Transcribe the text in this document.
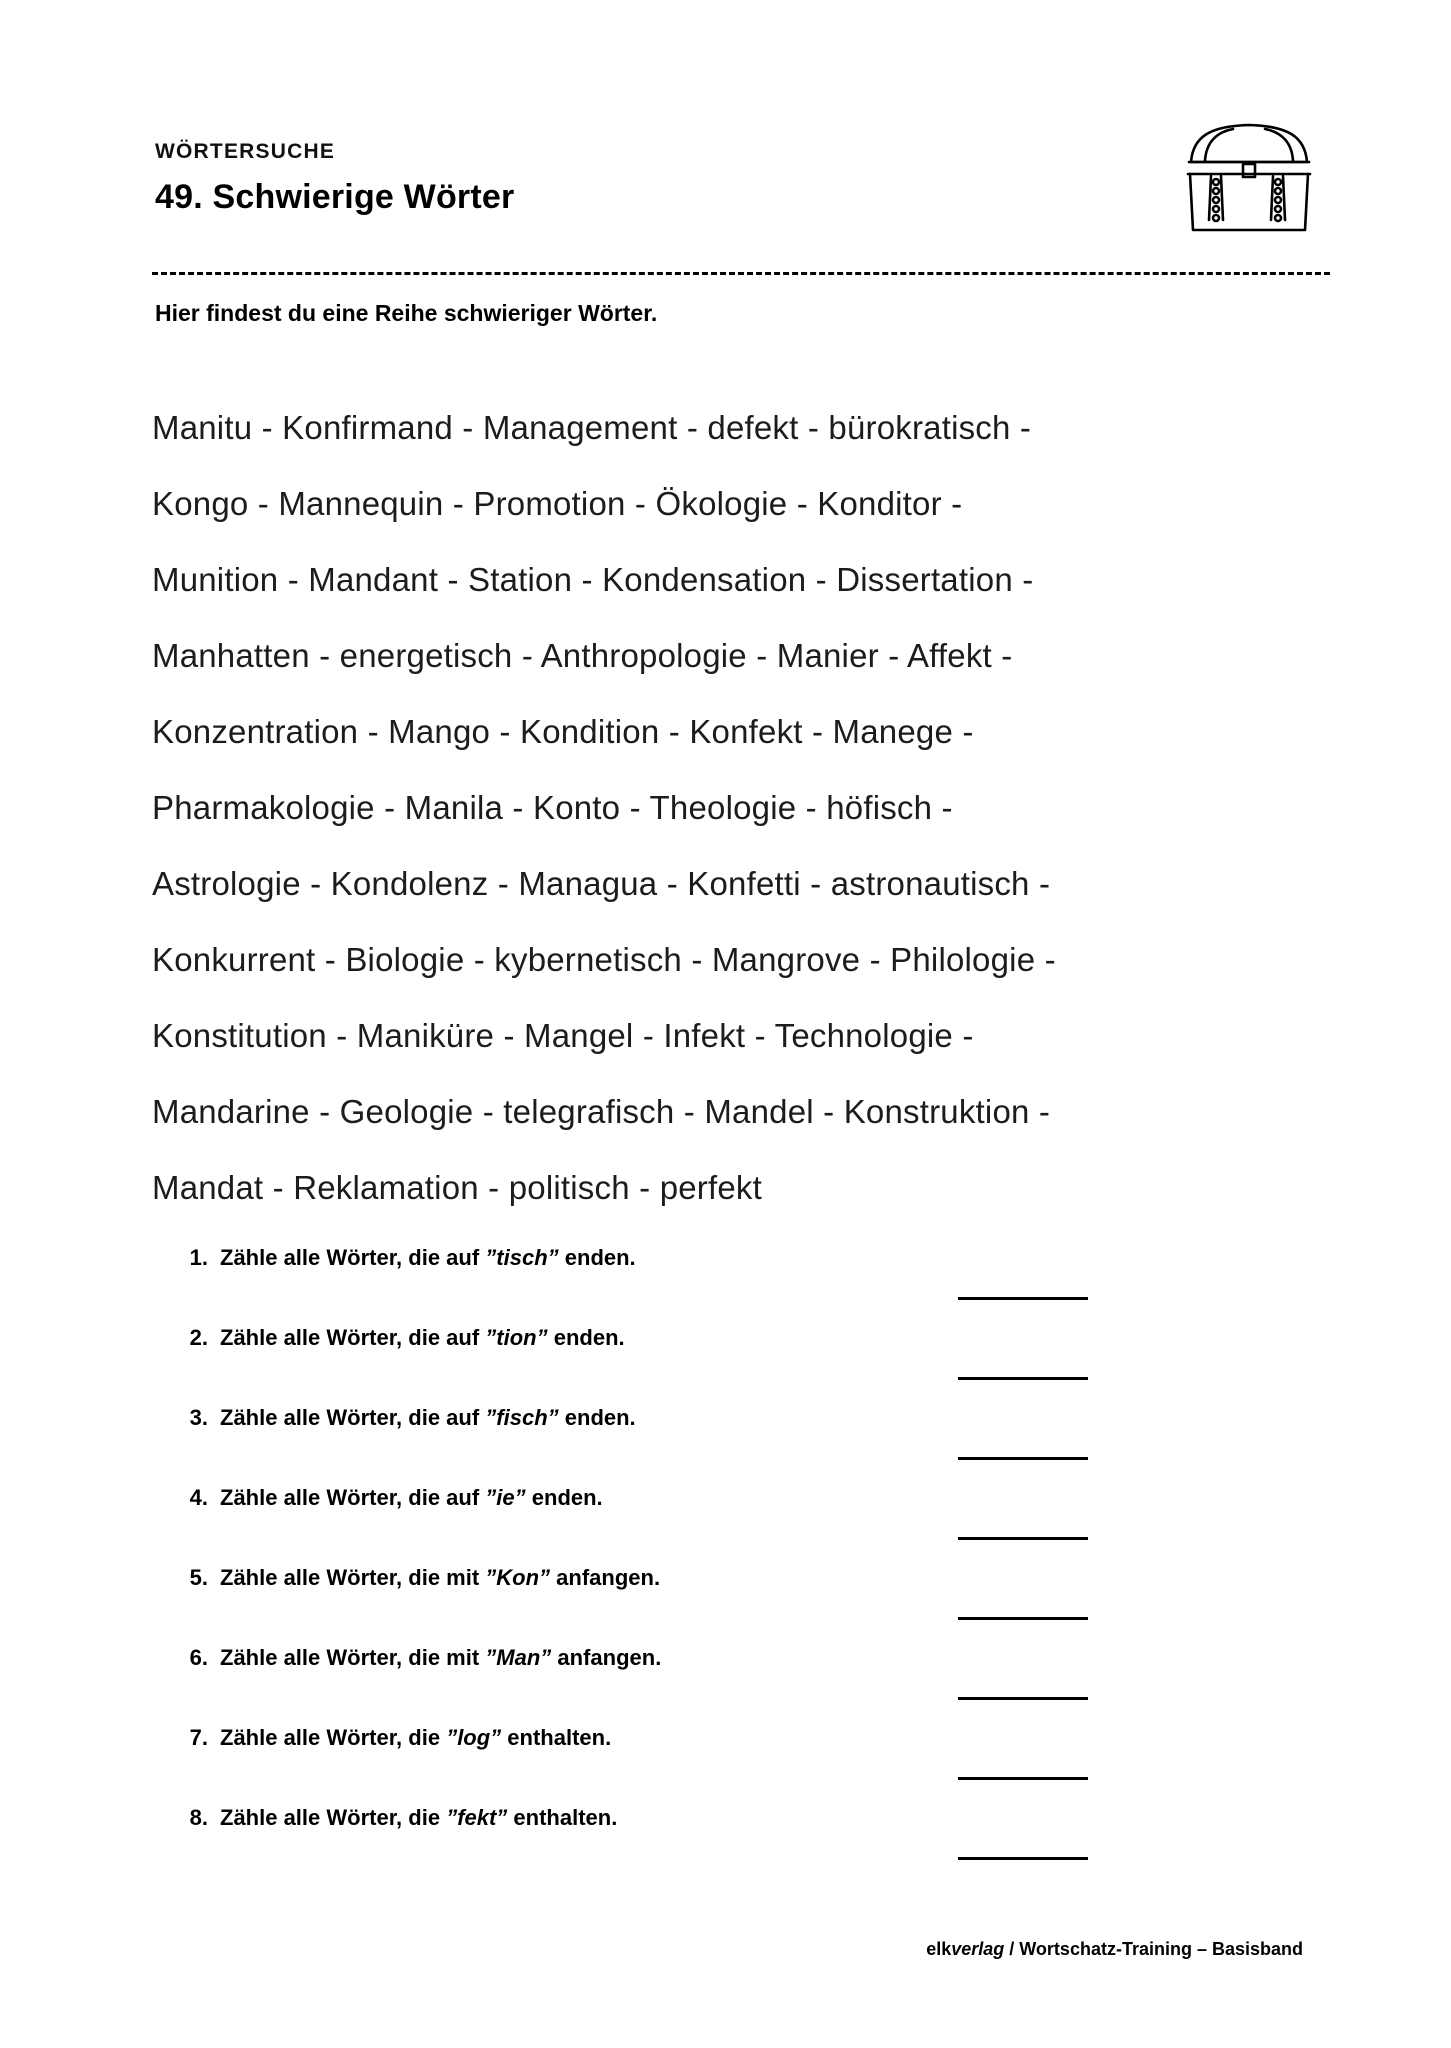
WÖRTERSUCHE
49. Schwierige Wörter
Hier findest du eine Reihe schwieriger Wörter.
Manitu - Konfirmand - Management - defekt - bürokratisch -
Kongo - Mannequin - Promotion - Ökologie - Konditor -
Munition - Mandant - Station - Kondensation - Dissertation -
Manhatten - energetisch - Anthropologie - Manier - Affekt -
Konzentration - Mango - Kondition - Konfekt - Manege -
Pharmakologie - Manila - Konto - Theologie - höfisch -
Astrologie - Kondolenz - Managua - Konfetti - astronautisch -
Konkurrent - Biologie - kybernetisch - Mangrove - Philologie -
Konstitution - Maniküre - Mangel - Infekt - Technologie -
Mandarine - Geologie - telegrafisch - Mandel - Konstruktion -
Mandat - Reklamation - politisch - perfekt
1. Zähle alle Wörter, die auf ”tisch” enden.
2. Zähle alle Wörter, die auf ”tion” enden.
3. Zähle alle Wörter, die auf ”fisch” enden.
4. Zähle alle Wörter, die auf ”ie” enden.
5. Zähle alle Wörter, die mit ”Kon” anfangen.
6. Zähle alle Wörter, die mit ”Man” anfangen.
7. Zähle alle Wörter, die ”log” enthalten.
8. Zähle alle Wörter, die ”fekt” enthalten.
elkverlag / Wortschatz-Training – Basisband
